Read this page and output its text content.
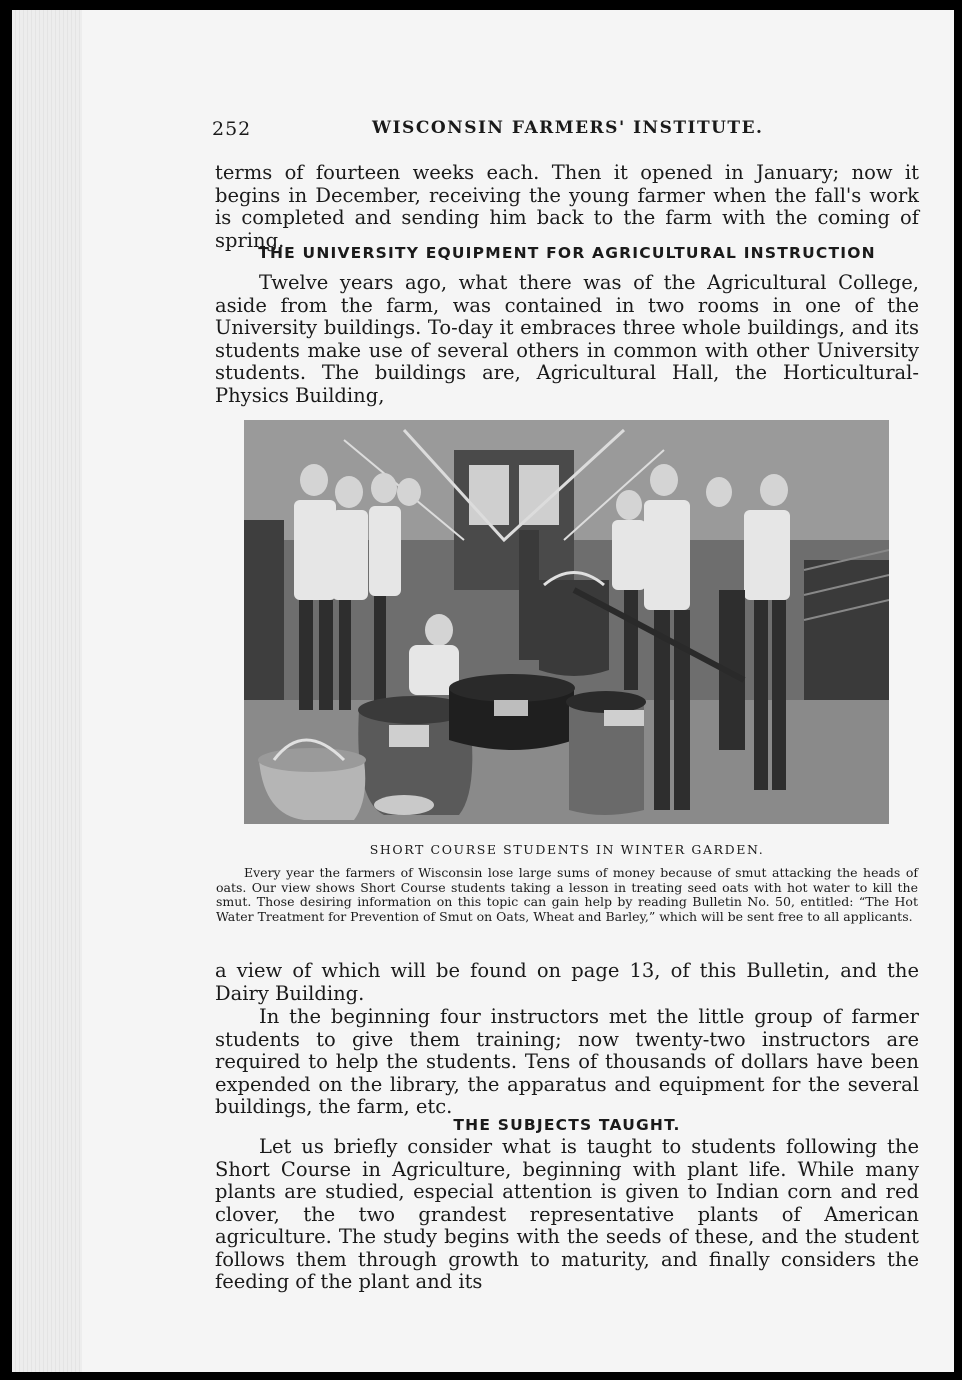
252	WISCONSIN FARMERS' INSTITUTE.
terms of fourteen weeks each. Then it opened in January; now it begins in December, receiving the young farmer when the fall's work is completed and sending him back to the farm with the coming of spring.
THE UNIVERSITY EQUIPMENT FOR AGRICULTURAL INSTRUCTION
Twelve years ago, what there was of the Agricultural College, aside from the farm, was contained in two rooms in one of the University buildings. To-day it embraces three whole buildings, and its students make use of several others in common with other University students. The buildings are, Agricultural Hall, the Horticultural-Physics Building,
SHORT COURSE STUDENTS IN WINTER GARDEN.
Every year the farmers of Wisconsin lose large sums of money because of smut attacking the heads of oats. Our view shows Short Course students taking a lesson in treating seed oats with hot water to kill the smut. Those desiring information on this topic can gain help by reading Bulletin No. 50, entitled: “The Hot Water Treatment for Prevention of Smut on Oats, Wheat and Barley,” which will be sent free to all applicants.
a view of which will be found on page 13, of this Bulletin, and the Dairy Building.
In the beginning four instructors met the little group of farmer students to give them training; now twenty-two instructors are required to help the students. Tens of thousands of dollars have been expended on the library, the apparatus and equipment for the several buildings, the farm, etc.
THE SUBJECTS TAUGHT.
Let us briefly consider what is taught to students following the Short Course in Agriculture, beginning with plant life. While many plants are studied, especial attention is given to Indian corn and red clover, the two grandest representative plants of American agriculture. The study begins with the seeds of these, and the student follows them through growth to maturity, and finally considers the feeding of the plant and its
